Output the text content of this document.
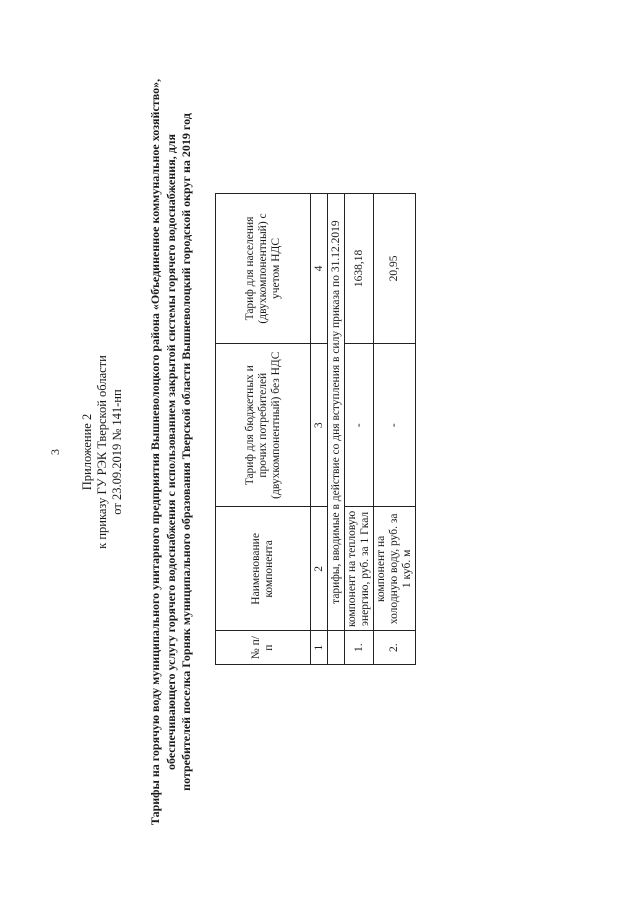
3 Приложение 2 к приказу ГУ РЭК Тверской области от 23.09.2019 № 141-нп Тарифы на горячую воду муниципального унитарного предприятия Вышневолоцкого района «Объединенное коммунальное хозяйство», обеспечивающего услугу горячего водоснабжения с использованием закрытой системы горячего водоснабжения, для потребителей поселка Горняк муниципального образования Тверской области Вышневолоцкий городской округ на 2019 год	№ п/п	Наименование компонента	Тариф для бюджетных и прочих потребителей (двухкомпонентный) без НДС	Тариф для населения (двухкомпонентный) с учетом НДС
1	2	3	4
	тарифы, вводимые в действие со дня вступления в силу приказа по 31.12.2019		
1.	компонент на тепловую энергию, руб. за 1 Гкал	-	1638,18
2.	компонент на холодную воду, руб. за 1 куб. м	-	20,95
